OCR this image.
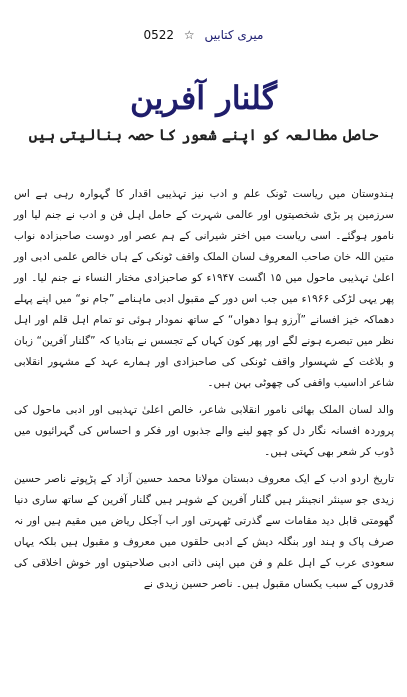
میری کتابیں ☆ 0522
گلنار آفرین
حاصل مطالعہ کو اپنے شعور کا حصہ بنالیتی ہیں

ہندوستان میں ریاست ٹونک علم و ادب نیز تہذیبی اقدار کا گہوارہ رہی ہے اس سرزمین پر بڑی شخصیتوں اور عالمی شہرت کے حامل اہل فن و ادب نے جنم لیا اور نامور ہوگئے۔ اسی ریاست میں اختر شیرانی کے ہم عصر اور دوست صاحبزادہ نواب متین اللہ خان صاحب المعروف لسان الملک واقف ٹونکی کے ہاں خالص علمی ادبی اور اعلیٰ تہذیبی ماحول میں ۱۵ اگست ۱۹۴۷ء کو صاحبزادی مختار النساء نے جنم لیا۔ اور پھر یہی لڑکی ۱۹۶۶ء میں جب اس دور کے مقبول ادبی ماہنامے ”جام نو“ میں اپنے پہلے دھماکہ خیز افسانے ”آرزو ہوا دھواں“ کے ساتھ نمودار ہوئی تو تمام اہل قلم اور اہل نظر میں تبصرے ہونے لگے اور پھر کون کہاں کے تجسس نے بتادیا کہ ”گلنار آفرین“ زبان و بلاغت کے شہسوار واقف ٹونکی کی صاحبزادی اور ہمارے عہد کے مشہور انقلابی شاعر اداسیب واقفی کی چھوٹی بہن ہیں۔

والد لسان الملک بھائی نامور انقلابی شاعر، خالص اعلیٰ تہذیبی اور ادبی ماحول کی پروردہ افسانہ نگار دل کو چھو لینے والے جذبوں اور فکر و احساس کی گہرائیوں میں ڈوب کر شعر بھی کہتی ہیں۔

تاریخ اردو ادب کے ایک معروف دبستان مولانا محمد حسین آزاد کے پڑپوتے ناصر حسین زیدی جو سینئر انجینئر ہیں گلنار آفرین کے شوہر ہیں گلنار آفرین کے ساتھ ساری دنیا گھومتی قابل دید مقامات سے گذرتی ٹھہرتی اور اب آجکل ریاض میں مقیم ہیں اور نہ صرف پاک و ہند اور بنگلہ دیش کے ادبی حلقوں میں معروف و مقبول ہیں بلکہ یہاں سعودی عرب کے اہل علم و فن میں اپنی ذاتی ادبی صلاحیتوں اور خوش اخلاقی کی قدروں کے سبب یکساں مقبول ہیں۔ ناصر حسین زیدی نے
